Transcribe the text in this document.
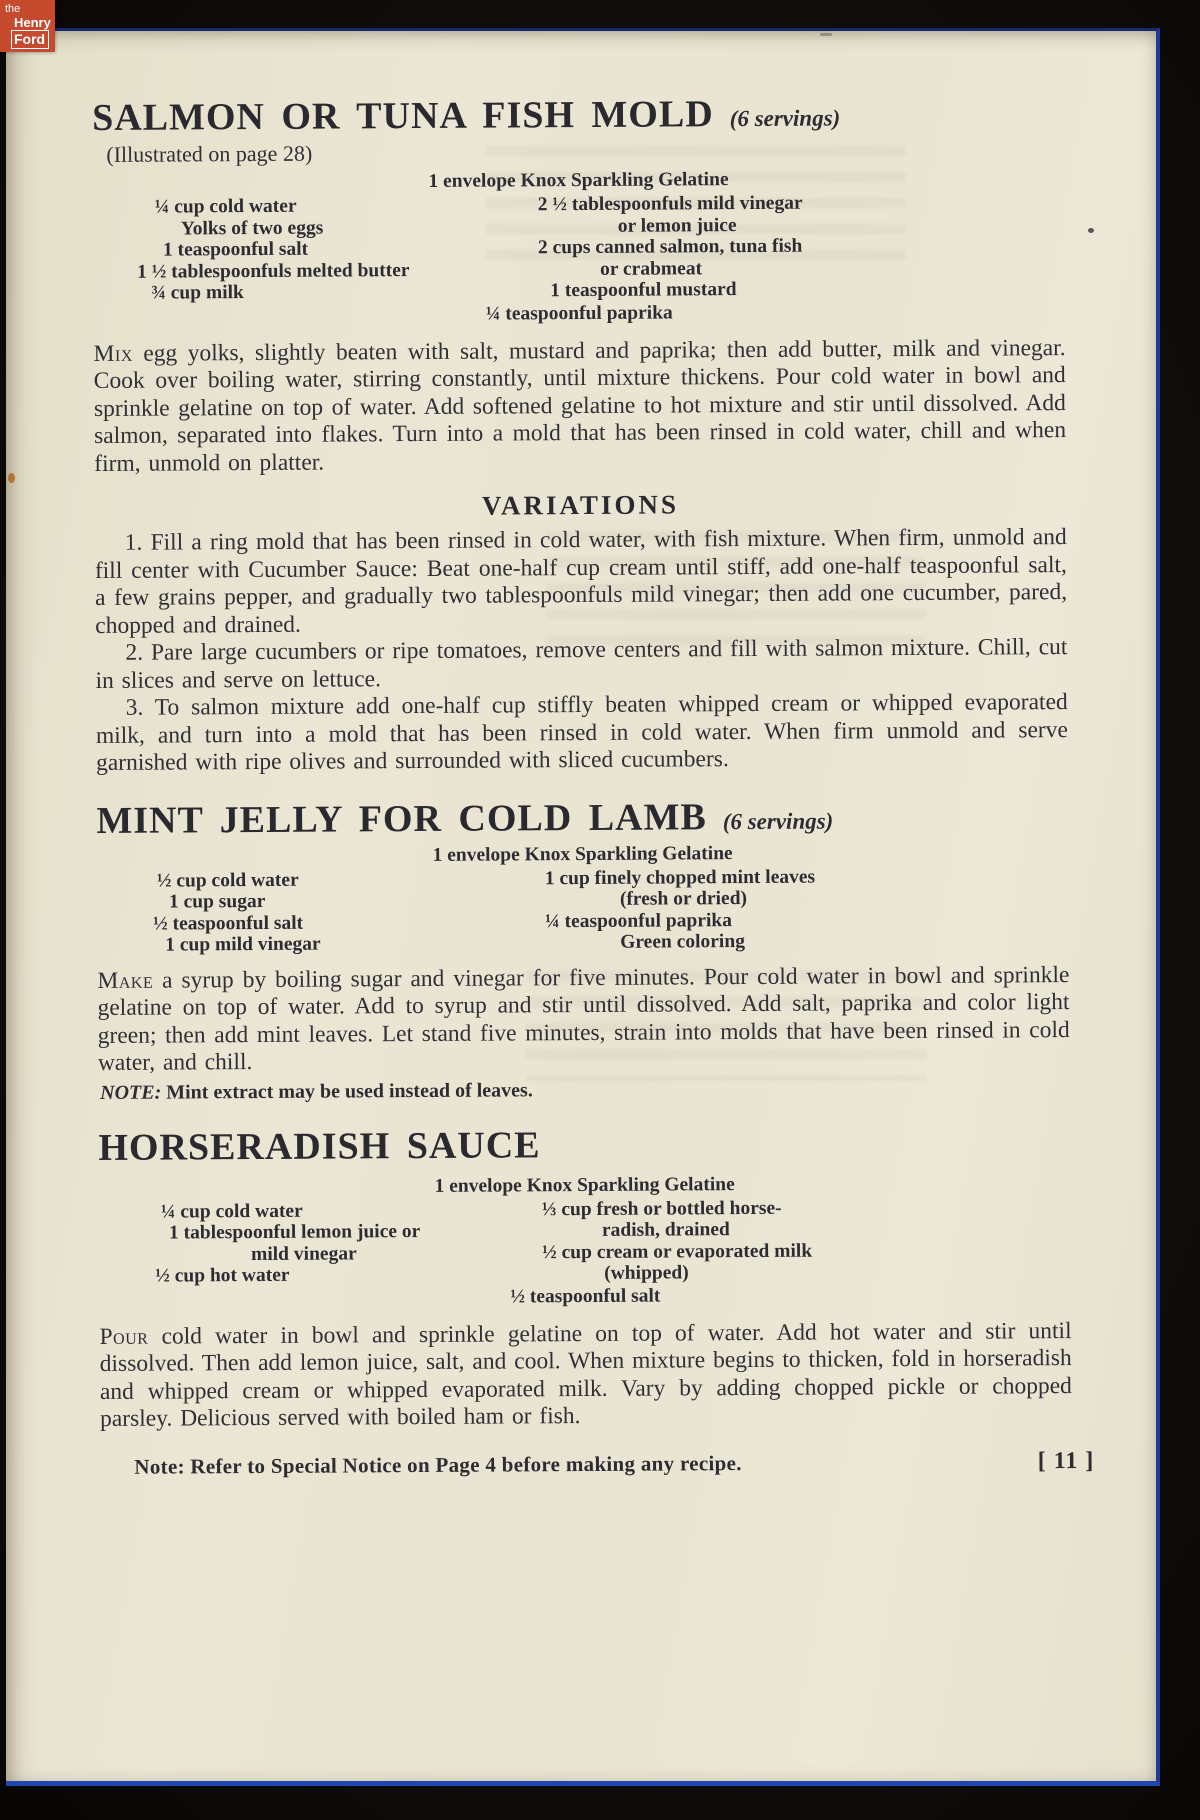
SALMON OR TUNA FISH MOLD (6 servings)
(Illustrated on page 28)
1 envelope Knox Sparkling Gelatine
¼ cup cold water
Yolks of two eggs
1 teaspoonful salt
1 ½ tablespoonfuls melted butter
¾ cup milk
2 ½ tablespoonfuls mild vinegar
or lemon juice
2 cups canned salmon, tuna fish
or crabmeat
1 teaspoonful mustard
¼ teaspoonful paprika

Mix egg yolks, slightly beaten with salt, mustard and paprika; then add butter, milk and vinegar. Cook over boiling water, stirring constantly, until mixture thickens. Pour cold water in bowl and sprinkle gelatine on top of water. Add softened gelatine to hot mixture and stir until dissolved. Add salmon, separated into flakes. Turn into a mold that has been rinsed in cold water, chill and when firm, unmold on platter.

VARIATIONS

1. Fill a ring mold that has been rinsed in cold water, with fish mixture. When firm, unmold and fill center with Cucumber Sauce: Beat one-half cup cream until stiff, add one-half teaspoonful salt, a few grains pepper, and gradually two tablespoonfuls mild vinegar; then add one cucumber, pared, chopped and drained.

2. Pare large cucumbers or ripe tomatoes, remove centers and fill with salmon mixture. Chill, cut in slices and serve on lettuce.

3. To salmon mixture add one-half cup stiffly beaten whipped cream or whipped evaporated milk, and turn into a mold that has been rinsed in cold water. When firm unmold and serve garnished with ripe olives and surrounded with sliced cucumbers.

MINT JELLY FOR COLD LAMB (6 servings)
1 envelope Knox Sparkling Gelatine
½ cup cold water
1 cup sugar
½ teaspoonful salt
1 cup mild vinegar
1 cup finely chopped mint leaves
(fresh or dried)
¼ teaspoonful paprika
Green coloring

Make a syrup by boiling sugar and vinegar for five minutes. Pour cold water in bowl and sprinkle gelatine on top of water. Add to syrup and stir until dissolved. Add salt, paprika and color light green; then add mint leaves. Let stand five minutes, strain into molds that have been rinsed in cold water, and chill.

NOTE: Mint extract may be used instead of leaves.
HORSERADISH SAUCE
1 envelope Knox Sparkling Gelatine
¼ cup cold water
1 tablespoonful lemon juice or
mild vinegar
½ cup hot water
⅓ cup fresh or bottled horse-
radish, drained
½ cup cream or evaporated milk
(whipped)
½ teaspoonful salt

Pour cold water in bowl and sprinkle gelatine on top of water. Add hot water and stir until dissolved. Then add lemon juice, salt, and cool. When mixture begins to thicken, fold in horseradish and whipped cream or whipped evaporated milk. Vary by adding chopped pickle or chopped parsley. Delicious served with boiled ham or fish.

Note: Refer to Special Notice on Page 4 before making any recipe.	[ 11 ]
the
Henry
Ford
